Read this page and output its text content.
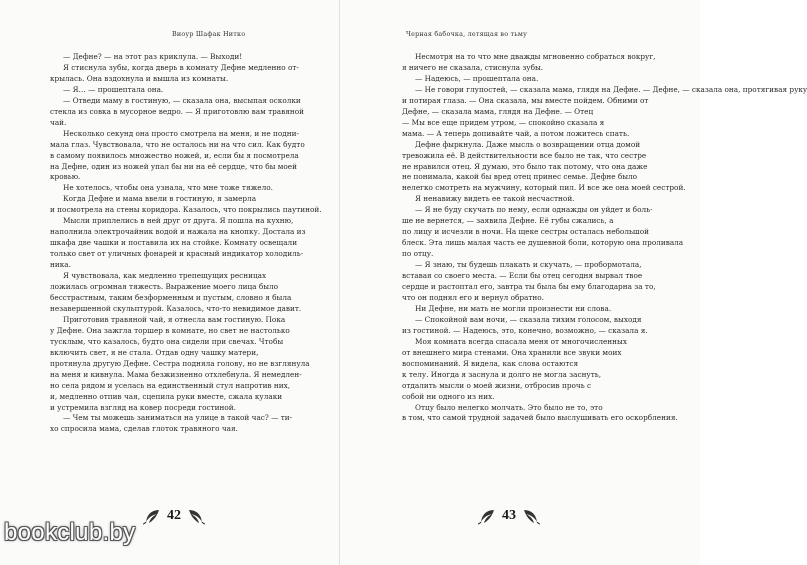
Виоур Шафак Нитко

— Дефне? — на этот раз криклула. — Выходи!

Я стиснула зубы, когда дверь в комнату Дефне медленно от-

крылась. Она вздохнула и вышла из комнаты.

— Я… — прошептала она.

— Отведи маму в гостиную, — сказала она, высыпая осколки

стекла из совка в мусорное ведро. — Я приготовлю вам травяной

чай.

Несколько секунд она просто смотрела на меня, и не подни-

мала глаз. Чувствовала, что не осталось ни на что сил. Как будто

в самому появилось множество ножей, и, если бы я посмотрела

на Дефне, один из ножей упал бы ни на её сердце, что бы моей

кровью.

Не хотелось, чтобы она узнала, что мне тоже тяжело.

Когда Дефне и мама ввели в гостиную, я замерла

и посмотрела на стены коридора. Казалось, что покрылись паутиной.

Мысли приплелись в ней друг от друга. Я пошла на кухню,

наполнила электрочайник водой и нажала на кнопку. Достала из

шкафа две чашки и поставила их на стойке. Комнату освещали

только свет от уличных фонарей и красный индикатор холодиль-

ника.

Я чувствовала, как медленно трепещущих ресницах

ложилась огромная тяжесть. Выражение моего лица было

бесстрастным, таким безформенным и пустым, словно я была

незавершенной скульптурой. Казалось, что-то невидимое давит.

Приготовив травяной чай, я отнесла вам гостиную. Пока

у Дефне. Она зажгла торшер в комнате, но свет не настолько

тусклым, что казалось, будто она сидели при свечах. Чтобы

включить свет, я не стала. Отдав одну чашку матери,

протянула другую Дефне. Сестра подняла голову, но не взглянула

на меня и кивнула. Мама безжизненно отхлебнула. Я немедлен-

но села рядом и уселась на единственный стул напротив них,

и, медленно отпив чая, сцепила руки вместе, сжала кулаки

и устремила взгляд на ковер посреди гостиной.

— Чем ты можешь заниматься на улице в такой час? — ти-

хо спросила мама, сделав глоток травяного чая.

42
Черная бабочка, летящая во тьму

Несмотря на то что мне дважды мгновенно собраться вокруг,

я ничего не сказала, стиснула зубы.

— Надеюсь, — прошептала она.

— Не говори глупостей, — сказала мама, глядя на Дефне. — Дефне, — сказала она, протягивая руку

и потирая глаза. — Она сказала, мы вместе пойдем. Обними от

Дефне, — сказала мама, глядя на Дефне. — Отец

— Мы все еще придем утром, — спокойно сказала я

мама. — А теперь допивайте чай, а потом ложитесь спать.

Дефне фыркнула. Даже мысль о возвращении отца домой

тревожила её. В действительности все было не так, что сестре

не нравился отец. Я думаю, это было так потому, что она даже

не понимала, какой бы вред отец принес семье. Дефне было

нелегко смотреть на мужчину, который пил. И все же она моей сестрой.

Я ненавижу видеть ее такой несчастной.

— Я не буду скучать по нему, если однажды он уйдет и боль-

ше не вернется, — заявила Дефне. Её губы сжались, а

по лицу и исчезли в ночи. На щеке сестры осталась небольшой

блеск. Эта лишь малая часть ее душевной боли, которую она проливала

по отцу.

— Я знаю, ты будешь плакать и скучать, — пробормотала,

вставая со своего места. — Если бы отец сегодня вырвал твое

сердце и растоптал его, завтра ты была бы ему благодарна за то,

что он поднял его и вернул обратно.

Ни Дефне, ни мать не могли произнести ни слова.

— Спокойной вам ночи, — сказала тихим голосом, выходя

из гостиной. — Надеюсь, это, конечно, возможно, — сказала я.

Моя комната всегда спасала меня от многочисленных

от внешнего мира стенами. Она хранили все звуки моих

воспоминаний. Я видела, как слова остаются

к телу. Иногда я заснула и долго не могла заснуть,

отдалить мысли о моей жизни, отбросив прочь с

собой ни одного из них.

Отцу было нелегко молчать. Это было не то, это

в том, что самой трудной задачей было выслушивать его оскорбления.

43
bookclub.by
